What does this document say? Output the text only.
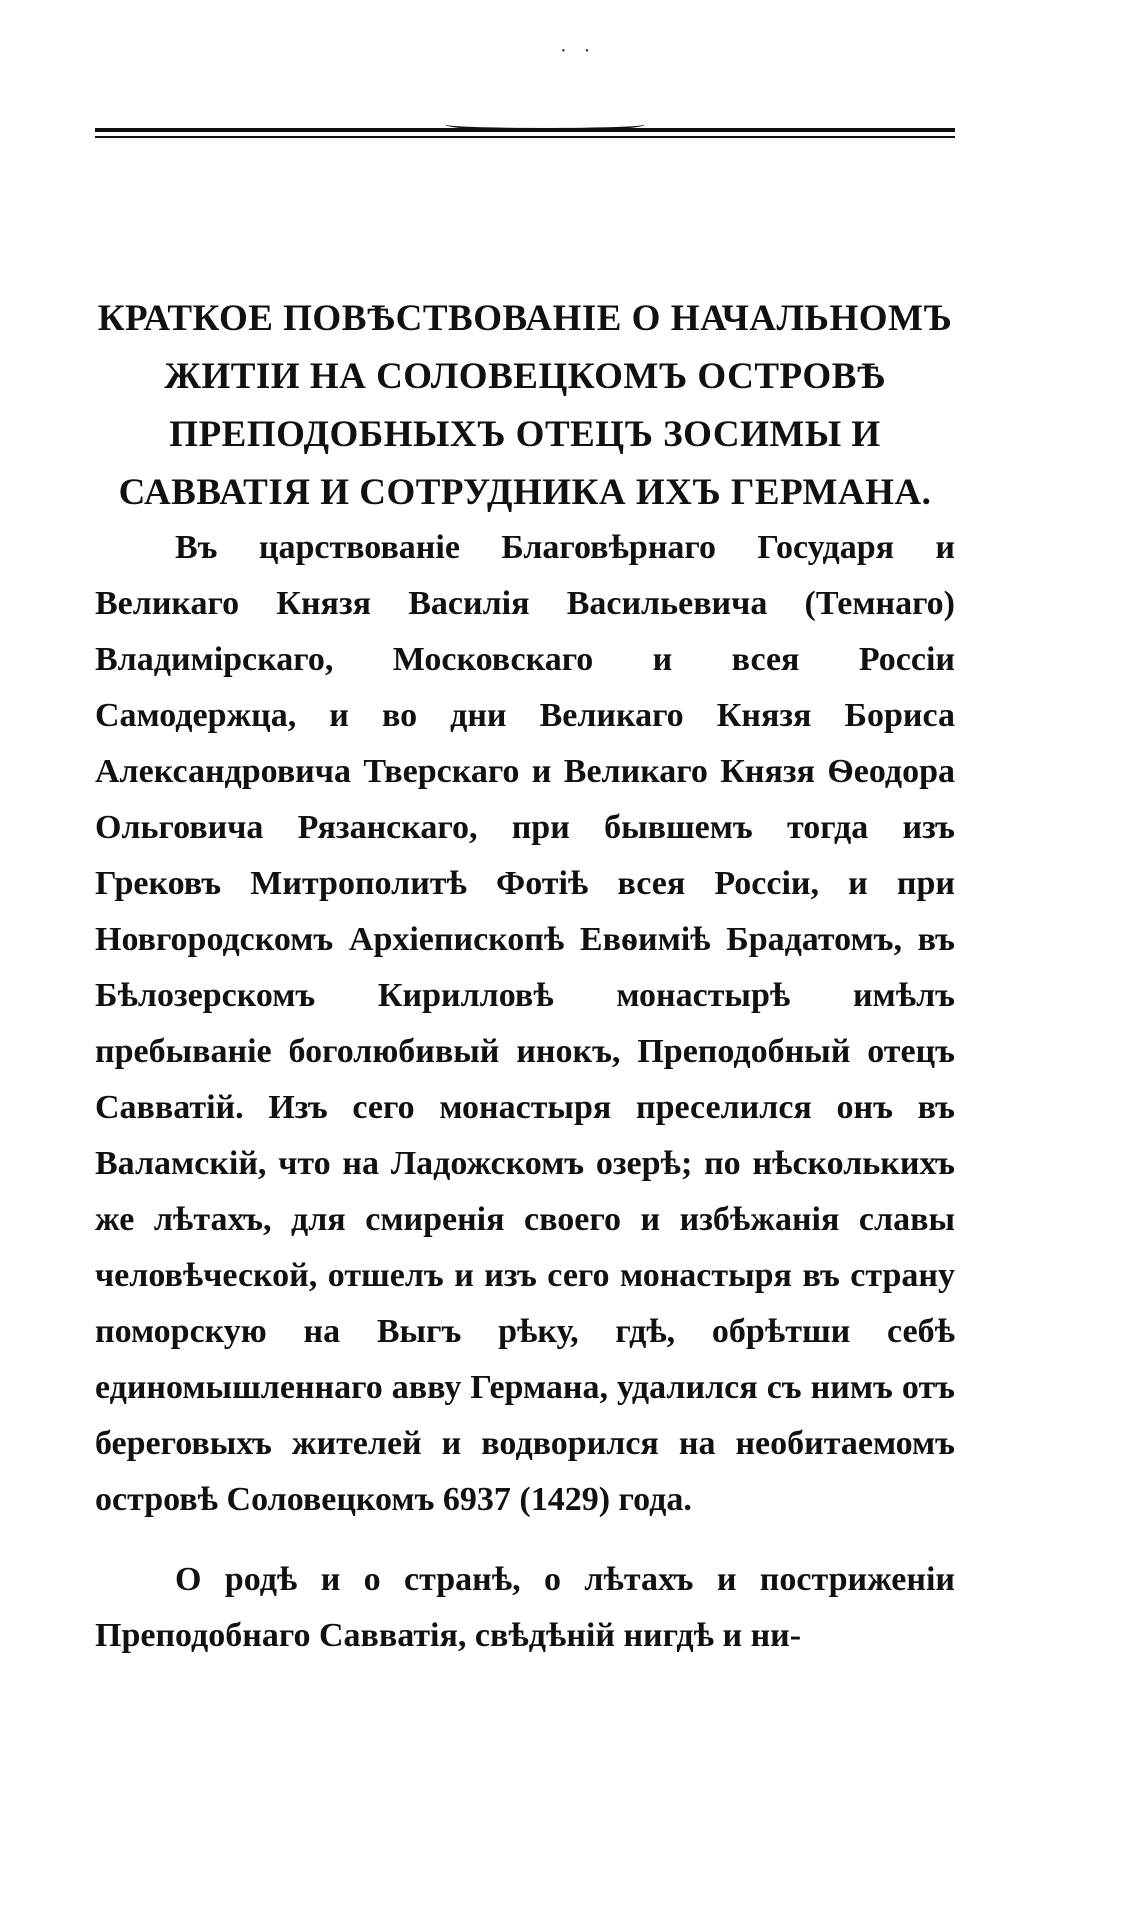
· ·
КРАТКОЕ ПОВѢСТВОВАНІЕ О НАЧАЛЬНОМЪ ЖИТІИ НА СОЛОВЕЦКОМЪ ОСТРОВѢ ПРЕПОДОБНЫХЪ ОТЕЦЪ ЗОСИМЫ И САВВАТІЯ И СОТРУДНИКА ИХЪ ГЕРМАНА.

Въ царствованіе Благовѣрнаго Государя и Великаго Князя Василія Васильевича (Темнаго) Владимірскаго, Московскаго и всея Россіи Самодержца, и во дни Великаго Князя Бориса Александровича Тверскаго и Великаго Князя Ѳеодора Ольговича Рязанскаго, при бывшемъ тогда изъ Грековъ Митрополитѣ Фотіѣ всея Россіи, и при Новгородскомъ Архіепископѣ Евѳиміѣ Брадатомъ, въ Бѣлозерскомъ Кирилловѣ монастырѣ имѣлъ пребываніе боголюбивый инокъ, Преподобный отецъ Савватій. Изъ сего монастыря преселился онъ въ Валамскій, что на Ладожскомъ озерѣ; по нѣсколькихъ же лѣтахъ, для смиренія своего и избѣжанія славы человѣческой, отшелъ и изъ сего монастыря въ страну поморскую на Выгъ рѣку, гдѣ, обрѣтши себѣ единомышленнаго авву Германа, удалился съ нимъ отъ береговыхъ жителей и водворился на необитаемомъ островѣ Соловецкомъ 6937 (1429) года.

О родѣ и о странѣ, о лѣтахъ и постриженіи Преподобнаго Савватія, свѣдѣній нигдѣ и ни-
